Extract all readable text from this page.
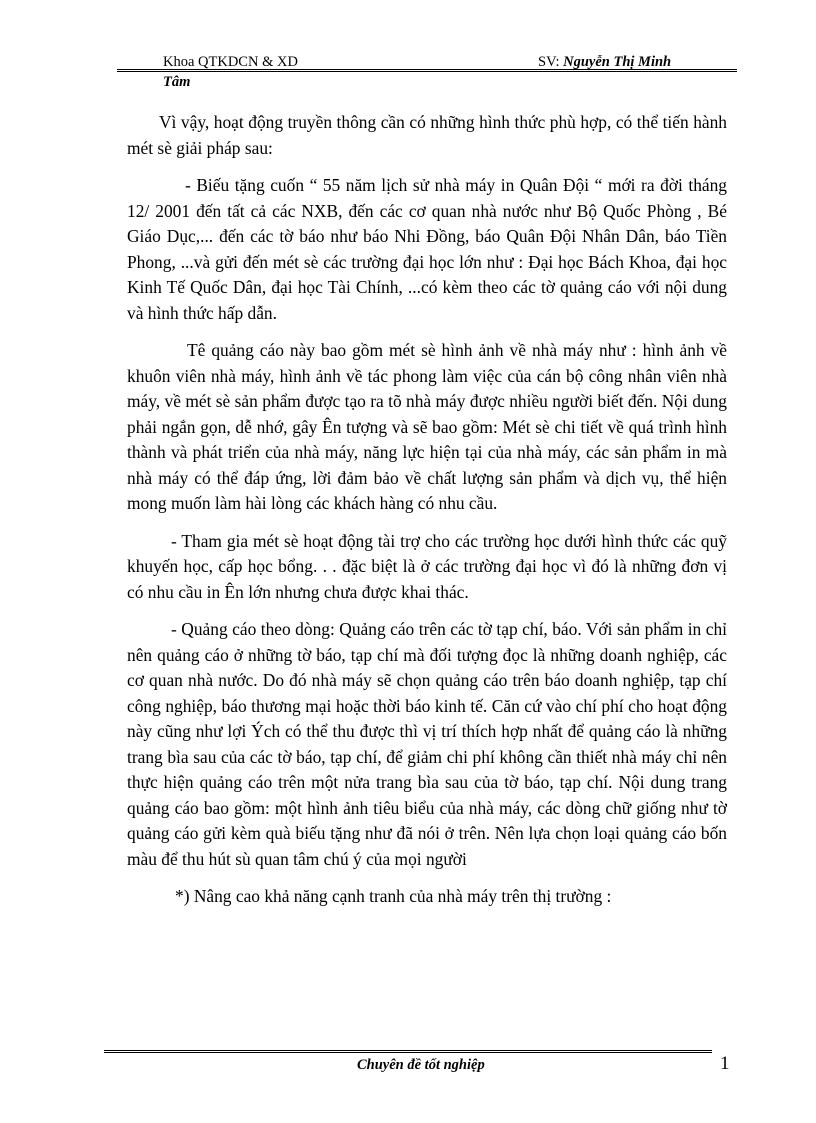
Khoa QTKDCN & XD	SV: Nguyễn Thị Minh
Tâm

Vì vậy, hoạt động truyền thông cần có những hình thức phù hợp, có thể tiến hành mét sè giải pháp sau:

- Biếu tặng cuốn “ 55 năm lịch sử nhà máy in Quân Đội “ mới ra đời tháng 12/ 2001 đến tất cả các NXB, đến các cơ quan nhà nước như Bộ Quốc Phòng , Bé Giáo Dục,... đến các tờ báo như báo Nhi Đồng, báo Quân Đội Nhân Dân, báo Tiền Phong, ...và gửi đến mét sè các trường đại học lớn như : Đại học Bách Khoa, đại học Kinh Tế Quốc Dân, đại học Tài Chính, ...có kèm theo các tờ quảng cáo với nội dung và hình thức hấp dẫn.

Tê quảng cáo này bao gồm mét sè hình ảnh về nhà máy như : hình ảnh về khuôn viên nhà máy, hình ảnh về tác phong làm việc của cán bộ công nhân viên nhà máy, về mét sè sản phẩm được tạo ra tõ nhà máy được nhiều người biết đến. Nội dung phải ngắn gọn, dễ nhớ, gây Ên tượng và sẽ bao gồm: Mét sè chi tiết về quá trình hình thành và phát triển của nhà máy, năng lực hiện tại của nhà máy, các sản phẩm in mà nhà máy có thể đáp ứng, lời đảm bảo về chất lượng sản phẩm và dịch vụ, thể hiện mong muốn làm hài lòng các khách hàng có nhu cầu.

- Tham gia mét sè hoạt động tài trợ cho các trường học dưới hình thức các quỹ khuyến học, cấp học bổng. . . đặc biệt là ở các trường đại học vì đó là những đơn vị có nhu cầu in Ên lớn nhưng chưa được khai thác.

- Quảng cáo theo dòng: Quảng cáo trên các tờ tạp chí, báo. Với sản phẩm in chỉ nên quảng cáo ở những tờ báo, tạp chí mà đối tượng đọc là những doanh nghiệp, các cơ quan nhà nước. Do đó nhà máy sẽ chọn quảng cáo trên báo doanh nghiệp, tạp chí công nghiệp, báo thương mại hoặc thời báo kinh tế. Căn cứ vào chí phí cho hoạt động này cũng như lợi Ých có thể thu được thì vị trí thích hợp nhất để quảng cáo là những trang bìa sau của các tờ báo, tạp chí, để giảm chi phí không cần thiết nhà máy chỉ nên thực hiện quảng cáo trên một nửa trang bìa sau của tờ báo, tạp chí. Nội dung trang quảng cáo bao gồm: một hình ảnh tiêu biểu của nhà máy, các dòng chữ giống như tờ quảng cáo gửi kèm quà biếu tặng như đã nói ở trên. Nên lựa chọn loại quảng cáo bốn màu để thu hút sù quan tâm chú ý của mọi người

*) Nâng cao khả năng cạnh tranh của nhà máy trên thị trường :

Chuyên đề tốt nghiệp	1
